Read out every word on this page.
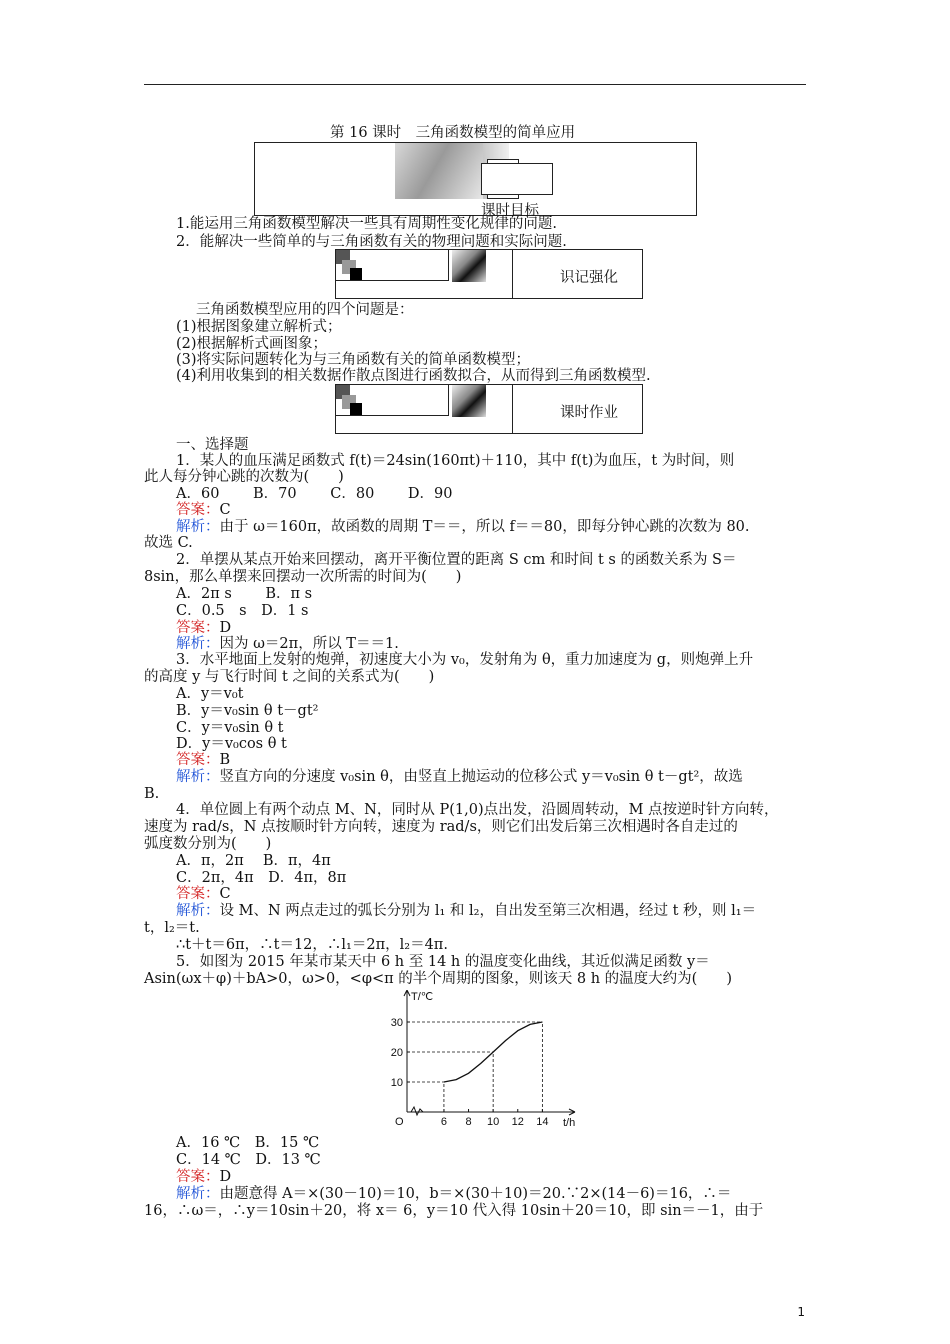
第 16 课时　三角函数模型的简单应用
课时目标
1.能运用三角函数模型解决一些具有周期性变化规律的问题.
2．能解决一些简单的与三角函数有关的物理问题和实际问题.
识记强化
三角函数模型应用的四个问题是：
(1)根据图象建立解析式；
(2)根据解析式画图象；
(3)将实际问题转化为与三角函数有关的简单函数模型；
(4)利用收集到的相关数据作散点图进行函数拟合，从而得到三角函数模型.
课时作业
一、选择题
1．某人的血压满足函数式 f(t)＝24sin(160πt)＋110，其中 f(t)为血压，t 为时间，则
此人每分钟心跳的次数为(　　)
A．60　　 B．70　　 C．80　　 D．90
答案：C
解析：由于 ω＝160π，故函数的周期 T＝＝，所以 f＝＝80，即每分钟心跳的次数为 80.
故选 C.
2．单摆从某点开始来回摆动，离开平衡位置的距离 S cm 和时间 t s 的函数关系为 S＝
8sin，那么单摆来回摆动一次所需的时间为(　　)
A．2π s　　 B．π s
C．0.5　s　D．1 s
答案：D
解析：因为 ω＝2π，所以 T＝＝1.
3．水平地面上发射的炮弹，初速度大小为 v₀，发射角为 θ，重力加速度为 g，则炮弹上升
的高度 y 与飞行时间 t 之间的关系式为(　　)
A．y＝v₀t
B．y＝v₀sin θ t－gt²
C．y＝v₀sin θ t
D．y＝v₀cos θ t
答案：B
解析：竖直方向的分速度 v₀sin θ，由竖直上抛运动的位移公式 y＝v₀sin θ t－gt²，故选
B.
4．单位圆上有两个动点 M、N，同时从 P(1,0)点出发，沿圆周转动，M 点按逆时针方向转，
速度为 rad/s，N 点按顺时针方向转，速度为 rad/s，则它们出发后第三次相遇时各自走过的
弧度数分别为(　　)
A．π，2π　 B．π，4π
C．2π，4π　D．4π，8π
答案：C
解析：设 M、N 两点走过的弧长分别为 l₁ 和 l₂，自出发至第三次相遇，经过 t 秒，则 l₁＝
t，l₂＝t.
∴t＋t＝6π，∴t＝12，∴l₁＝2π，l₂＝4π.
5．如图为 2015 年某市某天中 6 h 至 14 h 的温度变化曲线，其近似满足函数 y＝
Asin(ωx＋φ)＋bA>0，ω>0，<φ<π 的半个周期的图象，则该天 8 h 的温度大约为(　　)
6 8 10 12 14
10
20
30
T/℃
t/h
O
A．16 ℃　B．15 ℃
C．14 ℃　D．13 ℃
答案：D
解析：由题意得 A＝×(30－10)＝10，b＝×(30＋10)＝20.∵2×(14－6)＝16，∴＝
16，∴ω＝，∴y＝10sin＋20，将 x＝ 6，y＝10 代入得 10sin＋20＝10，即 sin＝－1，由于
1
